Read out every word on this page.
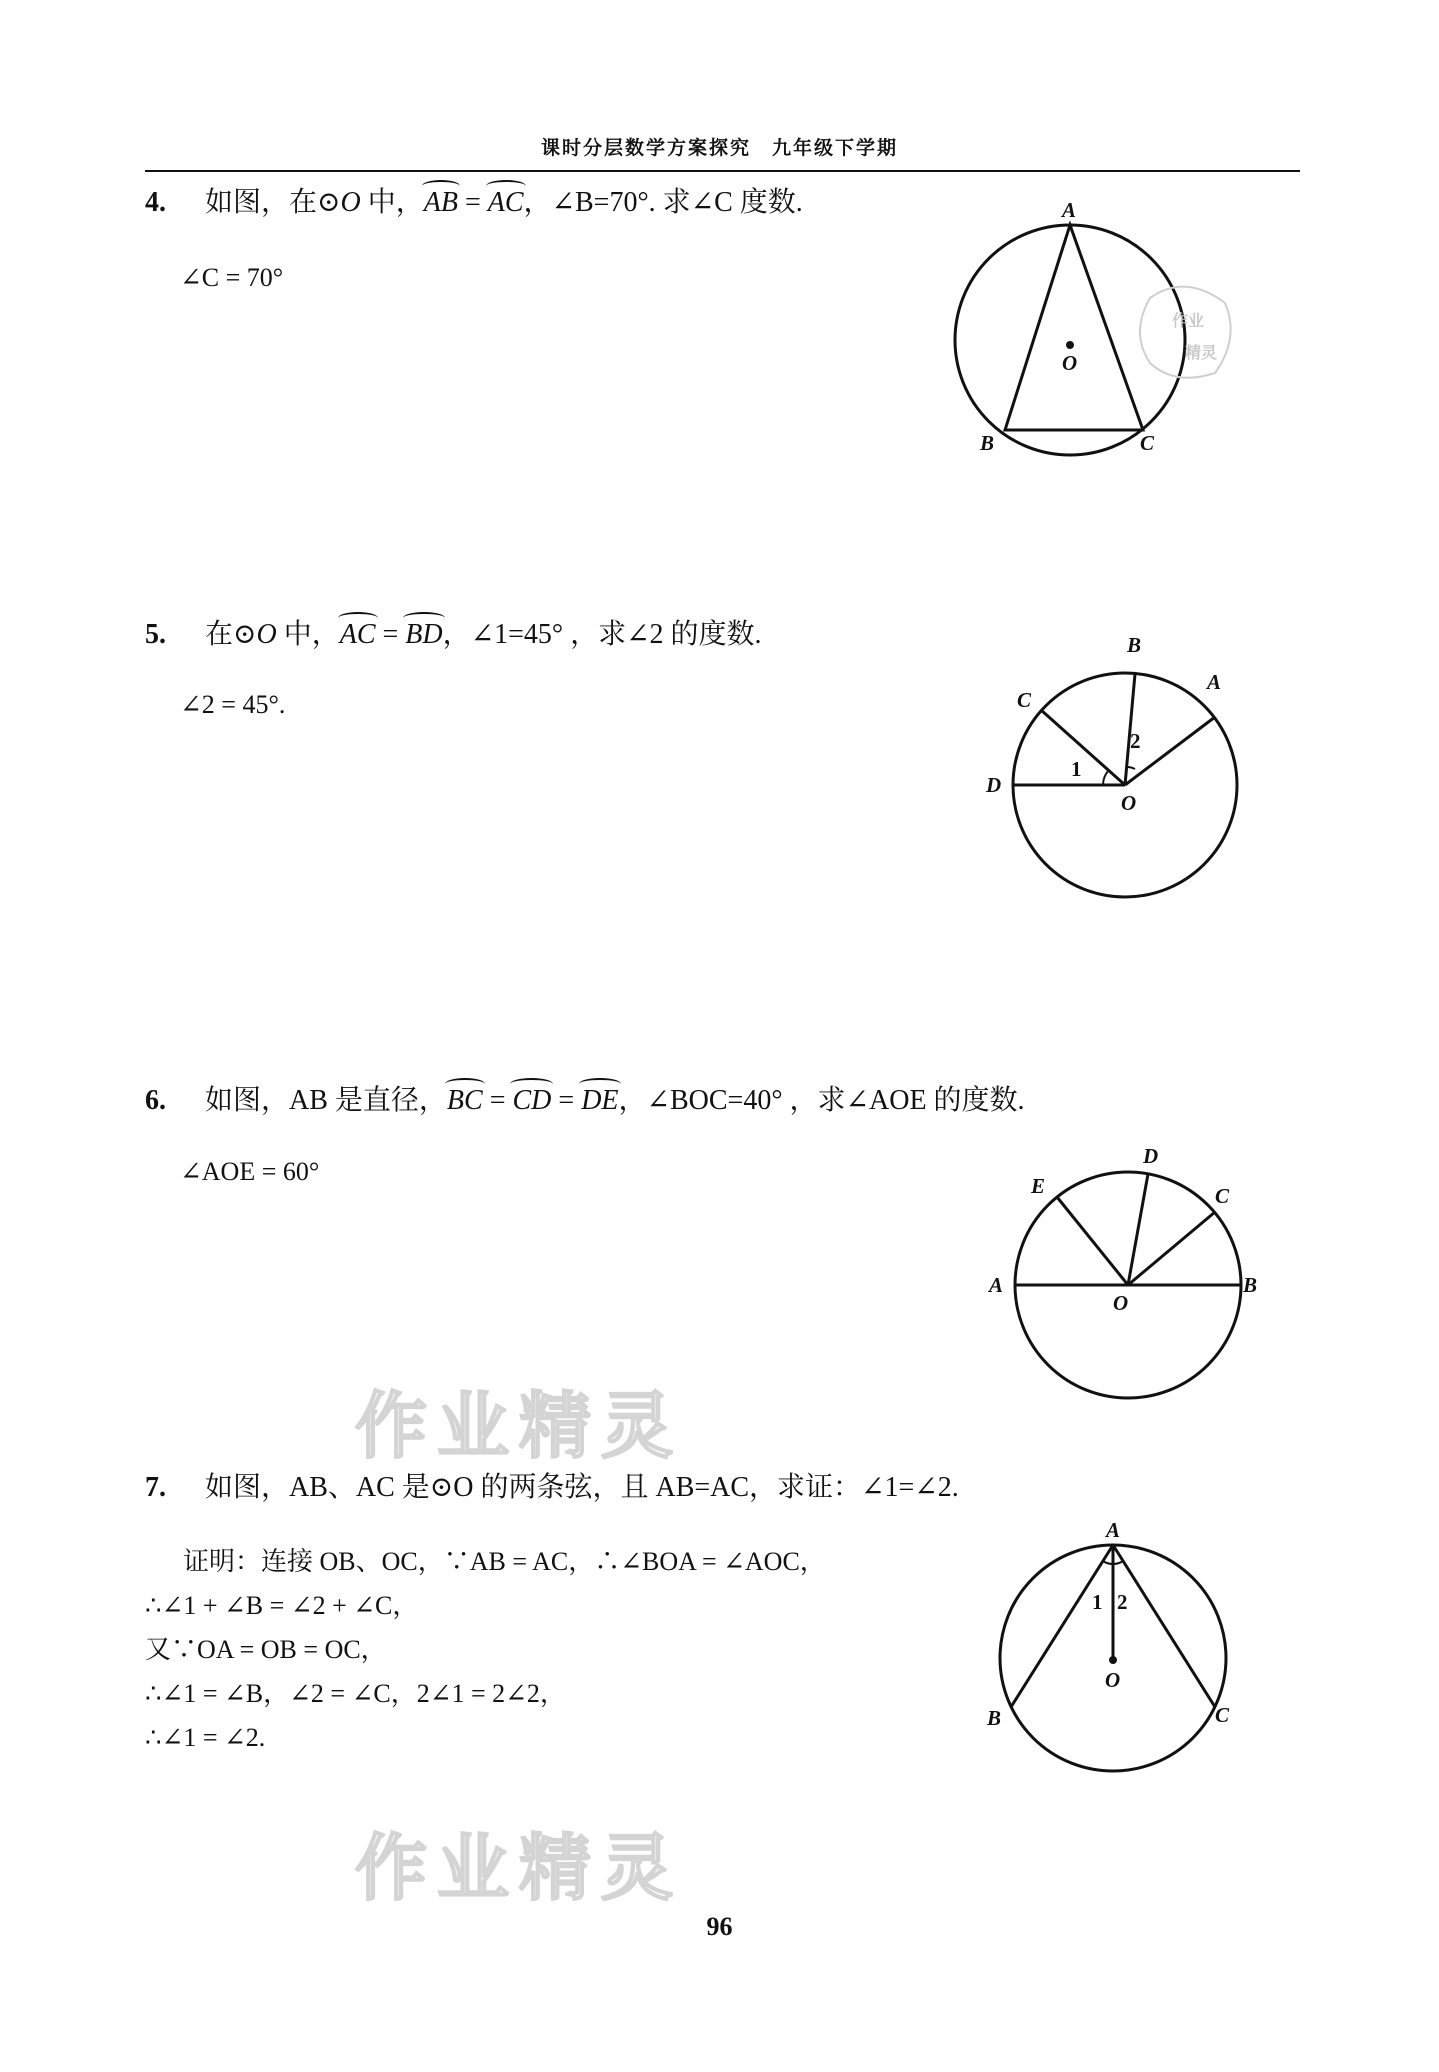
课时分层数学方案探究　九年级下学期
4. 如图，在⊙O 中，AB = AC，∠B=70°. 求∠C 度数.
∠C = 70°
A
B	C
O
作业
精灵
5. 在⊙O 中，AC = BD，∠1=45° ，求∠2 的度数.
∠2 = 45°.
B
A
C
D
O
1
2
6. 如图，AB 是直径，BC = CD = DE，∠BOC=40° ，求∠AOE 的度数.
∠AOE = 60°
D
C
E
A	B
O
作业精灵
7. 如图，AB、AC 是⊙O 的两条弦，且 AB=AC，求证：∠1=∠2.
证明：连接 OB、OC，∵AB = AC，∴∠BOA = ∠AOC，
∴∠1 + ∠B = ∠2 + ∠C，
又∵OA = OB = OC，
∴∠1 = ∠B，∠2 = ∠C，2∠1 = 2∠2，
∴∠1 = ∠2.
A
B	C
O
1 2
作业精灵
96
